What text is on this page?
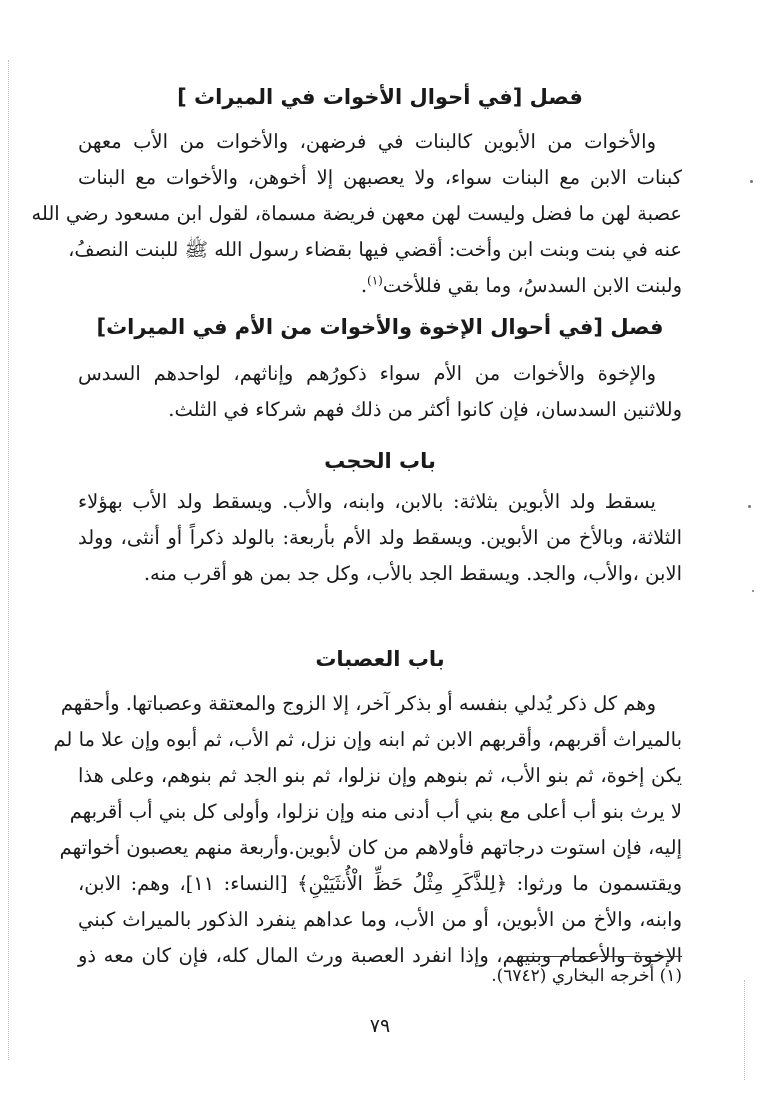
فصل [في أحوال الأخوات في الميراث ]
والأخوات من الأبوين كالبنات في فرضهن، والأخوات من الأب معهن
كبنات الابن مع البنات سواء، ولا يعصبهن إلا أخوهن، والأخوات مع البنات
عصبة لهن ما فضل وليست لهن معهن فريضة مسماة، لقول ابن مسعود رضي الله
عنه في بنت وبنت ابن وأخت: أقضي فيها بقضاء رسول الله ﷺ للبنت النصفُ،
ولبنت الابن السدسُ، وما بقي فللأخت$^{(١)}$.
فصل [في أحوال الإخوة والأخوات من الأم في الميراث]
والإخوة والأخوات من الأم سواء ذكورُهم وإناثهم، لواحدهم السدس
وللاثنين السدسان، فإن كانوا أكثر من ذلك فهم شركاء في الثلث.
باب الحجب
يسقط ولد الأبوين بثلاثة: بالابن، وابنه، والأب. ويسقط ولد الأب بهؤلاء
الثلاثة، وبالأخ من الأبوين. ويسقط ولد الأم بأربعة: بالولد ذكراً أو أنثى، وولد
الابن ،والأب، والجد. ويسقط الجد بالأب، وكل جد بمن هو أقرب منه.
باب العصبات
وهم كل ذكر يُدلي بنفسه أو بذكر آخر، إلا الزوج والمعتقة وعصباتها. وأحقهم
بالميراث أقربهم، وأقربهم الابن ثم ابنه وإن نزل، ثم الأب، ثم أبوه وإن علا ما لم
يكن إخوة، ثم بنو الأب، ثم بنوهم وإن نزلوا، ثم بنو الجد ثم بنوهم، وعلى هذا
لا يرث بنو أب أعلى مع بني أب أدنى منه وإن نزلوا، وأولى كل بني أب أقربهم
إليه، فإن استوت درجاتهم فأولاهم من كان لأبوين.وأربعة منهم يعصبون أخواتهم
ويقتسمون ما ورثوا: ﴿لِلذَّكَرِ مِثْلُ حَظِّ الْأُنثَيَيْنِ﴾ [النساء: ١١]، وهم: الابن،
وابنه، والأخ من الأبوين، أو من الأب، وما عداهم ينفرد الذكور بالميراث كبني
الإخوة والأعمام وبنيهم، وإذا انفرد العصبة ورث المال كله، فإن كان معه ذو
(١) أخرجه البخاري (٦٧٤٢).
٧٩
